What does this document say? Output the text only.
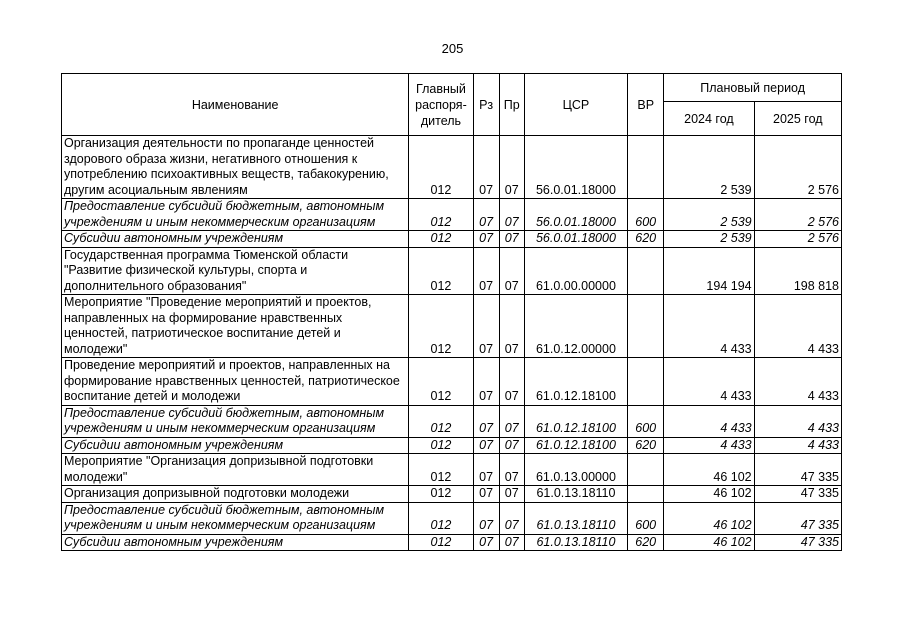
205
Наименование	Главный распоря-дитель	Рз	Пр	ЦСР	ВР	Плановый период	
						2024 год	2025 год
Организация деятельности по пропаганде ценностей здорового образа жизни, негативного отношения к употреблению психоактивных веществ, табакокурению, другим асоциальным явлениям	012	07	07	56.0.01.18000		2 539	2 576
Предоставление субсидий бюджетным, автономным учреждениям и иным некоммерческим организациям	012	07	07	56.0.01.18000	600	2 539	2 576
Субсидии автономным учреждениям	012	07	07	56.0.01.18000	620	2 539	2 576
Государственная программа Тюменской области "Развитие физической культуры, спорта и дополнительного образования"	012	07	07	61.0.00.00000		194 194	198 818
Мероприятие "Проведение мероприятий и проектов, направленных на формирование нравственных ценностей, патриотическое воспитание детей и молодежи"	012	07	07	61.0.12.00000		4 433	4 433
Проведение мероприятий и проектов, направленных на формирование нравственных ценностей, патриотическое воспитание детей и молодежи	012	07	07	61.0.12.18100		4 433	4 433
Предоставление субсидий бюджетным, автономным учреждениям и иным некоммерческим организациям	012	07	07	61.0.12.18100	600	4 433	4 433
Субсидии автономным учреждениям	012	07	07	61.0.12.18100	620	4 433	4 433
Мероприятие "Организация допризывной подготовки молодежи"	012	07	07	61.0.13.00000		46 102	47 335
Организация допризывной подготовки молодежи	012	07	07	61.0.13.18110		46 102	47 335
Предоставление субсидий бюджетным, автономным учреждениям и иным некоммерческим организациям	012	07	07	61.0.13.18110	600	46 102	47 335
Субсидии автономным учреждениям	012	07	07	61.0.13.18110	620	46 102	47 335
